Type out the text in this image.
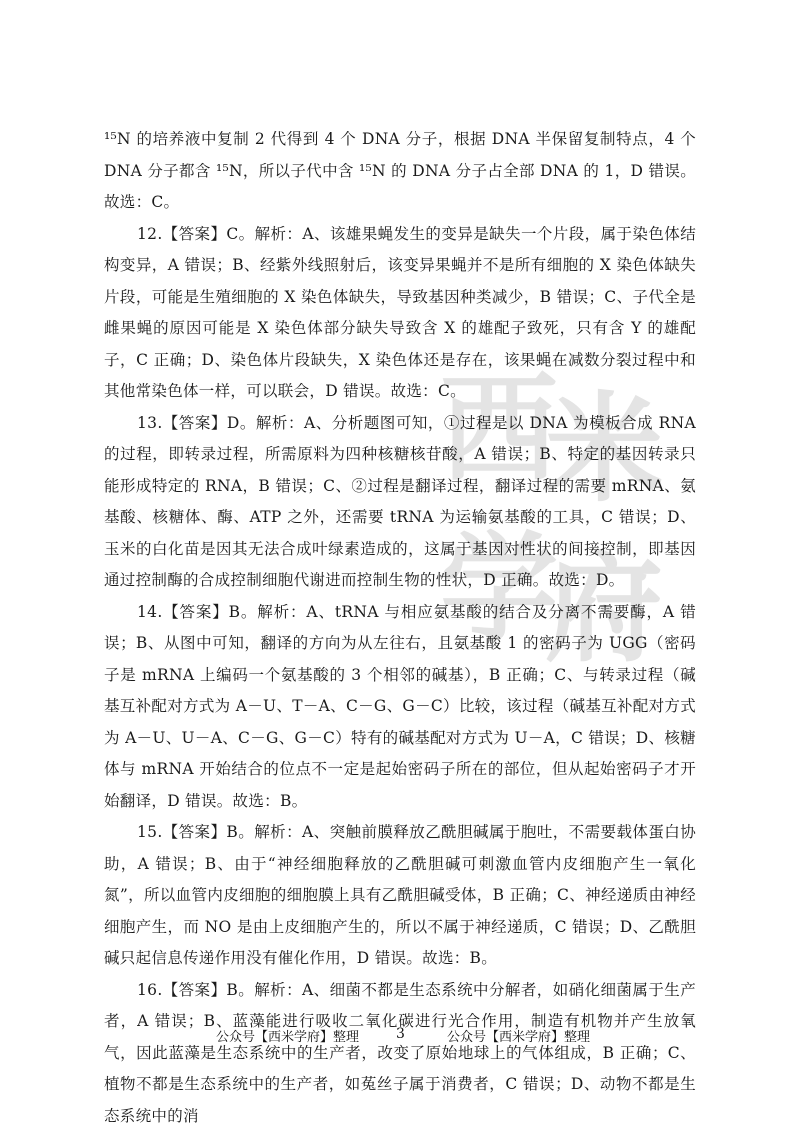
西
米
学
府

¹⁵N 的培养液中复制 2 代得到 4 个 DNA 分子，根据 DNA 半保留复制特点，4 个 DNA 分子都含 ¹⁵N，所以子代中含 ¹⁵N 的 DNA 分子占全部 DNA 的 1，D 错误。故选：C。

12.【答案】C。解析：A、该雄果蝇发生的变异是缺失一个片段，属于染色体结构变异，A 错误；B、经紫外线照射后，该变异果蝇并不是所有细胞的 X 染色体缺失片段，可能是生殖细胞的 X 染色体缺失，导致基因种类减少，B 错误；C、子代全是雌果蝇的原因可能是 X 染色体部分缺失导致含 X 的雄配子致死，只有含 Y 的雄配子，C 正确；D、染色体片段缺失，X 染色体还是存在，该果蝇在减数分裂过程中和其他常染色体一样，可以联会，D 错误。故选：C。

13.【答案】D。解析：A、分析题图可知，①过程是以 DNA 为模板合成 RNA 的过程，即转录过程，所需原料为四种核糖核苷酸，A 错误；B、特定的基因转录只能形成特定的 RNA，B 错误；C、②过程是翻译过程，翻译过程的需要 mRNA、氨基酸、核糖体、酶、ATP 之外，还需要 tRNA 为运输氨基酸的工具，C 错误；D、玉米的白化苗是因其无法合成叶绿素造成的，这属于基因对性状的间接控制，即基因通过控制酶的合成控制细胞代谢进而控制生物的性状，D 正确。故选：D。

14.【答案】B。解析：A、tRNA 与相应氨基酸的结合及分离不需要酶，A 错误；B、从图中可知，翻译的方向为从左往右，且氨基酸 1 的密码子为 UGG（密码子是 mRNA 上编码一个氨基酸的 3 个相邻的碱基），B 正确；C、与转录过程（碱基互补配对方式为 A－U、T－A、C－G、G－C）比较，该过程（碱基互补配对方式为 A－U、U－A、C－G、G－C）特有的碱基配对方式为 U－A，C 错误；D、核糖体与 mRNA 开始结合的位点不一定是起始密码子所在的部位，但从起始密码子才开始翻译，D 错误。故选：B。

15.【答案】B。解析：A、突触前膜释放乙酰胆碱属于胞吐，不需要载体蛋白协助，A 错误；B、由于“神经细胞释放的乙酰胆碱可刺激血管内皮细胞产生一氧化氮”，所以血管内皮细胞的细胞膜上具有乙酰胆碱受体，B 正确；C、神经递质由神经细胞产生，而 NO 是由上皮细胞产生的，所以不属于神经递质，C 错误；D、乙酰胆碱只起信息传递作用没有催化作用，D 错误。故选：B。

16.【答案】B。解析：A、细菌不都是生态系统中分解者，如硝化细菌属于生产者，A 错误；B、蓝藻能进行吸收二氧化碳进行光合作用，制造有机物并产生放氧气，因此蓝藻是生态系统中的生产者，改变了原始地球上的气体组成，B 正确；C、植物不都是生态系统中的生产者，如菟丝子属于消费者，C 错误；D、动物不都是生态系统中的消

公众号【西米学府】整理	3	公众号【西米学府】整理
